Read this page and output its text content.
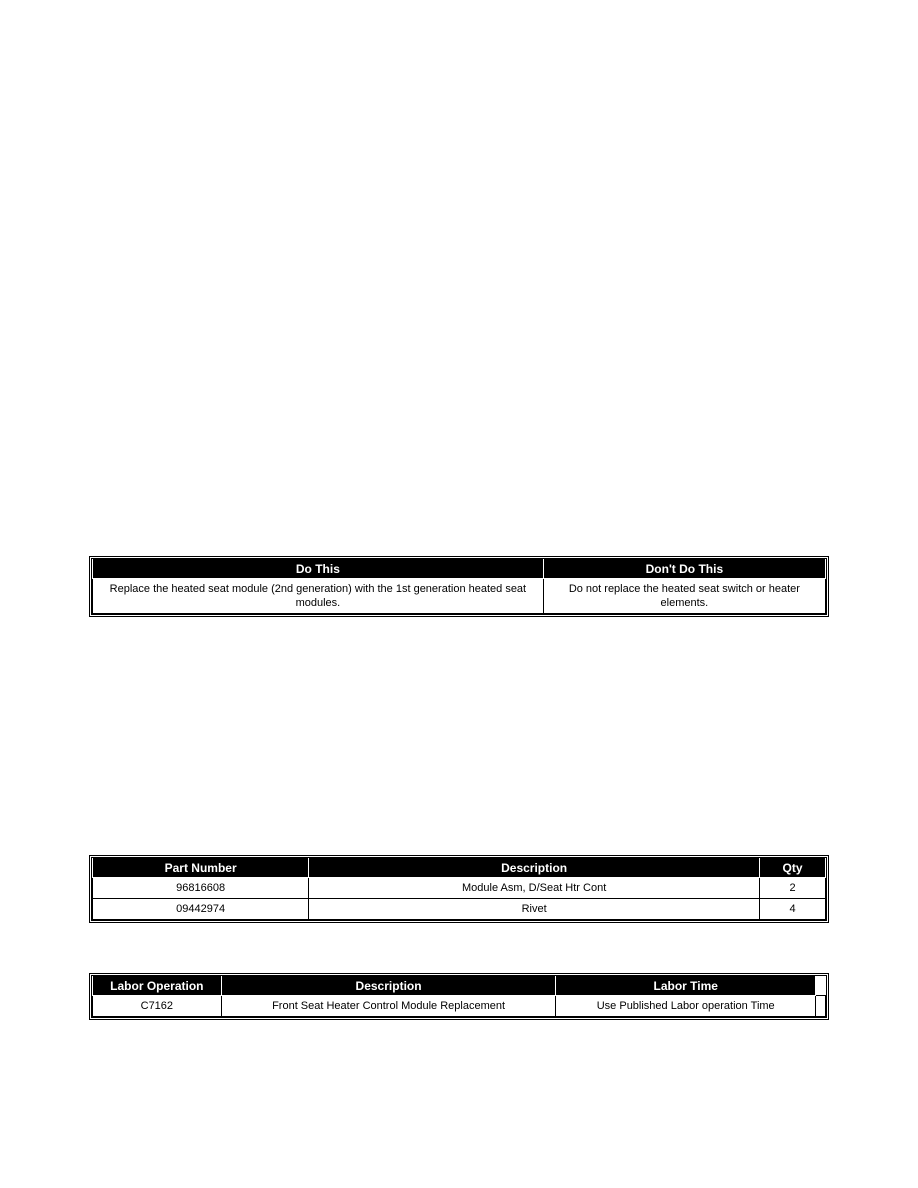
Do This	Don't Do This
Replace the heated seat module (2nd generation) with the 1st generation heated seat modules.	Do not replace the heated seat switch or heater elements.
Part Number	Description	Qty
96816608	Module Asm, D/Seat Htr Cont	2
09442974	Rivet	4
Labor Operation	Description	Labor Time	
C7162	Front Seat Heater Control Module Replacement	Use Published Labor operation Time	
